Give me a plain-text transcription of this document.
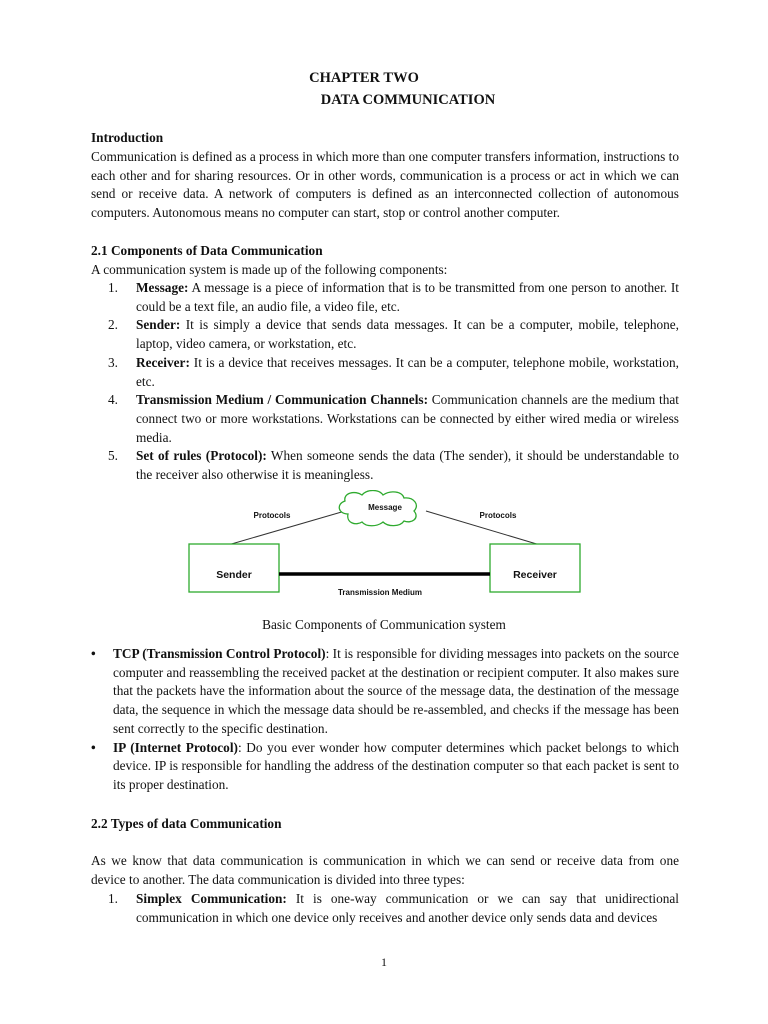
CHAPTER TWO
DATA COMMUNICATION
Introduction
Communication is defined as a process in which more than one computer transfers information, instructions to each other and for sharing resources. Or in other words, communication is a process or act in which we can send or receive data. A network of computers is defined as an interconnected collection of autonomous computers. Autonomous means no computer can start, stop or control another computer.
2.1 Components of Data Communication
A communication system is made up of the following components:
1. Message: A message is a piece of information that is to be transmitted from one person to another. It could be a text file, an audio file, a video file, etc.
2. Sender: It is simply a device that sends data messages. It can be a computer, mobile, telephone, laptop, video camera, or workstation, etc.
3. Receiver: It is a device that receives messages. It can be a computer, telephone mobile, workstation, etc.
4. Transmission Medium / Communication Channels: Communication channels are the medium that connect two or more workstations. Workstations can be connected by either wired media or wireless media.
5. Set of rules (Protocol): When someone sends the data (The sender), it should be understandable to the receiver also otherwise it is meaningless.
Message
Protocols	Protocols
Sender	Receiver
Transmission Medium
Basic Components of Communication system
• TCP (Transmission Control Protocol): It is responsible for dividing messages into packets on the source computer and reassembling the received packet at the destination or recipient computer. It also makes sure that the packets have the information about the source of the message data, the destination of the message data, the sequence in which the message data should be re-assembled, and checks if the message has been sent correctly to the specific destination.
• IP (Internet Protocol): Do you ever wonder how computer determines which packet belongs to which device. IP is responsible for handling the address of the destination computer so that each packet is sent to its proper destination.
2.2 Types of data Communication
As we know that data communication is communication in which we can send or receive data from one device to another. The data communication is divided into three types:
1. Simplex Communication: It is one-way communication or we can say that unidirectional communication in which one device only receives and another device only sends data and devices
1
